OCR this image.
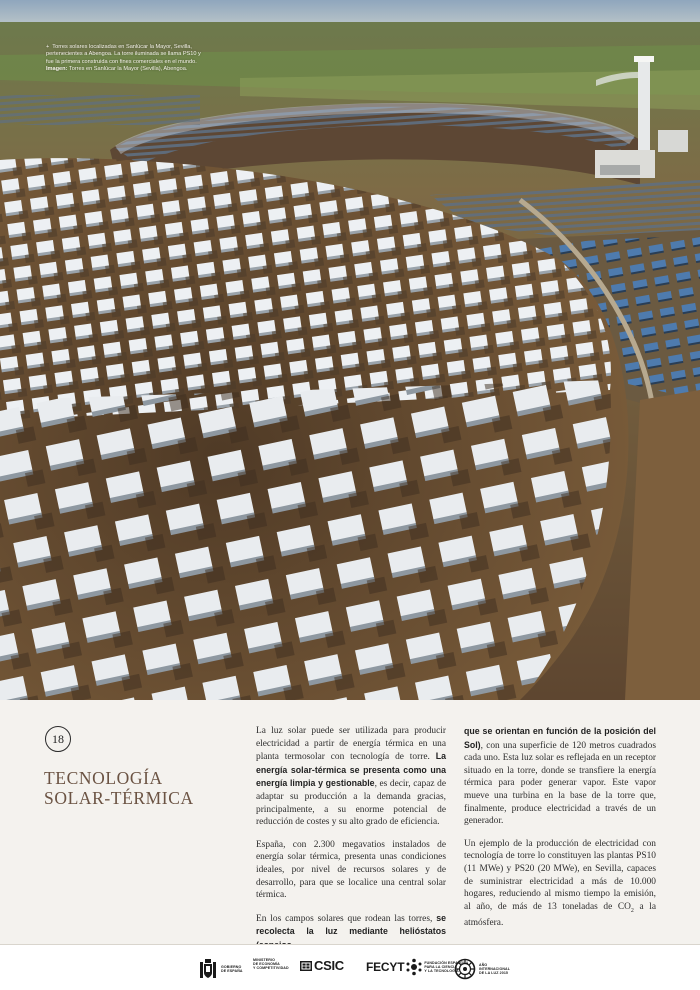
+ Torres solares localizadas en Sanlúcar la Mayor, Sevilla, pertenecientes a Abengoa. La torre iluminada se llama PS10 y fue la primera construida con fines comerciales en el mundo. Imagen: Torres en Sanlúcar la Mayor (Sevilla), Abengoa.
18
TECNOLOGÍA
SOLAR-TÉRMICA

La luz solar puede ser utilizada para producir electricidad a partir de energía térmica en una planta termosolar con tecnología de torre. La energía solar-térmica se presenta como una energía limpia y gestionable, es decir, capaz de adaptar su producción a la demanda gracias, principalmente, a su enorme potencial de reducción de costes y su alto grado de eficiencia.

España, con 2.300 megavatios instalados de energía solar térmica, presenta unas condiciones ideales, por nivel de recursos solares y de desarrollo, para que se localice una central solar térmica.

En los campos solares que rodean las torres, se recolecta la luz mediante helióstatos

que se orientan en función de la posición del Sol), con una superficie de 120 metros cuadrados cada uno. Esta luz solar es reflejada en un receptor situado en la torre, donde se transfiere la energía térmica para poder generar vapor. Este vapor mueve una turbina en la base de la torre que, finalmente, produce electricidad a través de un generador.

Un ejemplo de la producción de electricidad con tecnología de torre lo constituyen las plantas PS10 (11 MWe) y PS20 (20 MWe), en Sevilla, capaces de suministrar electricidad a más de 10.000 hogares, reduciendo al mismo tiempo la emisión, al año, de más de 13 toneladas de $CO_2$ a la atmósfera.

GOBIERNO
DE ESPAÑA
MINISTERIO
DE ECONOMÍA
Y COMPETITIVIDAD CSIC FECYT	FUNDACIÓN ESPAÑOLA
PARA LA CIENCIA
Y LA TECNOLOGÍA
AÑO
INTERNACIONAL
DE LA LUZ 2015
